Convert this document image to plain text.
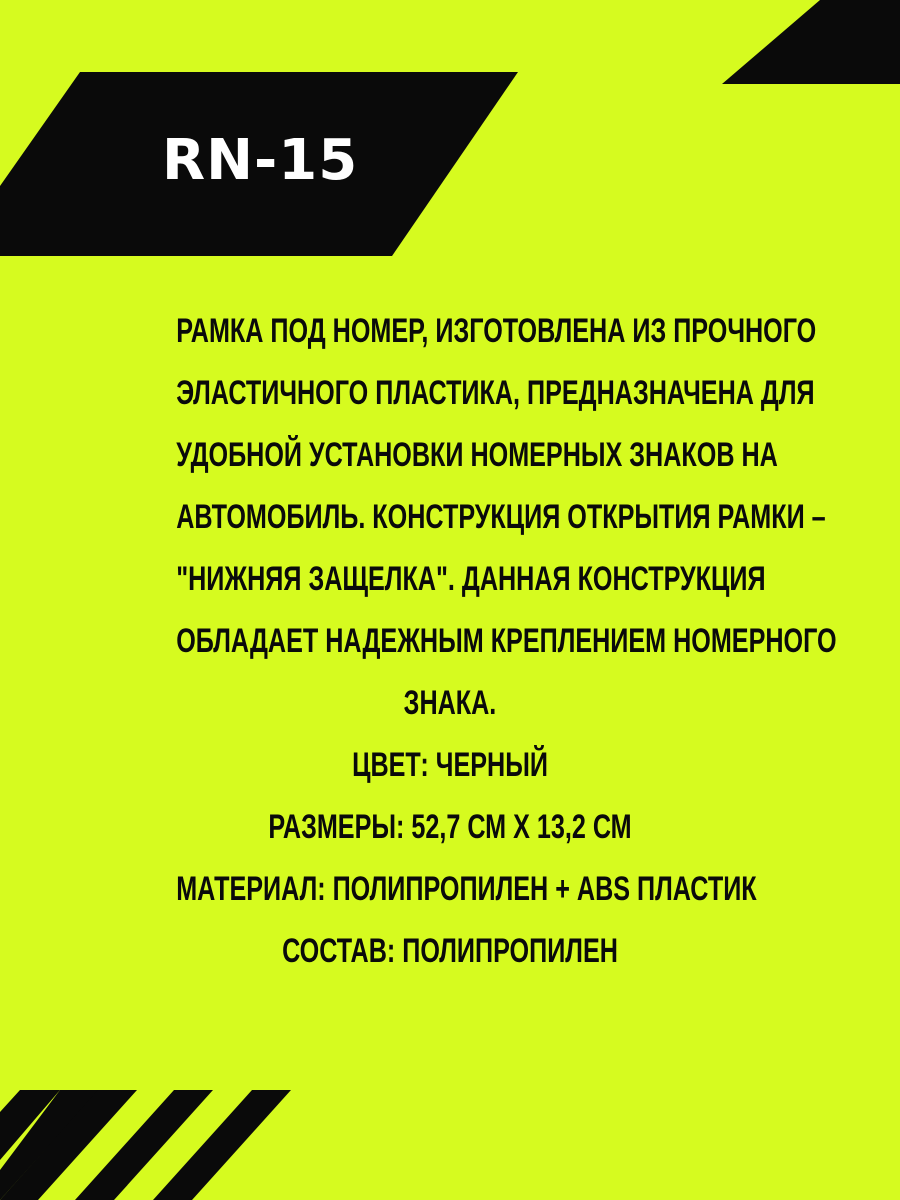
RN-15
РАМКА ПОД НОМЕР, ИЗГОТОВЛЕНА ИЗ ПРОЧНОГО
ЭЛАСТИЧНОГО ПЛАСТИКА, ПРЕДНАЗНАЧЕНА ДЛЯ
УДОБНОЙ УСТАНОВКИ НОМЕРНЫХ ЗНАКОВ НА
АВТОМОБИЛЬ. КОНСТРУКЦИЯ ОТКРЫТИЯ РАМКИ –
"НИЖНЯЯ ЗАЩЕЛКА". ДАННАЯ КОНСТРУКЦИЯ
ОБЛАДАЕТ НАДЕЖНЫМ КРЕПЛЕНИЕМ НОМЕРНОГО
ЗНАКА.
ЦВЕТ: ЧЕРНЫЙ
РАЗМЕРЫ: 52,7 СМ Х 13,2 СМ
МАТЕРИАЛ: ПОЛИПРОПИЛЕН + ABS ПЛАСТИК
СОСТАВ: ПОЛИПРОПИЛЕН
